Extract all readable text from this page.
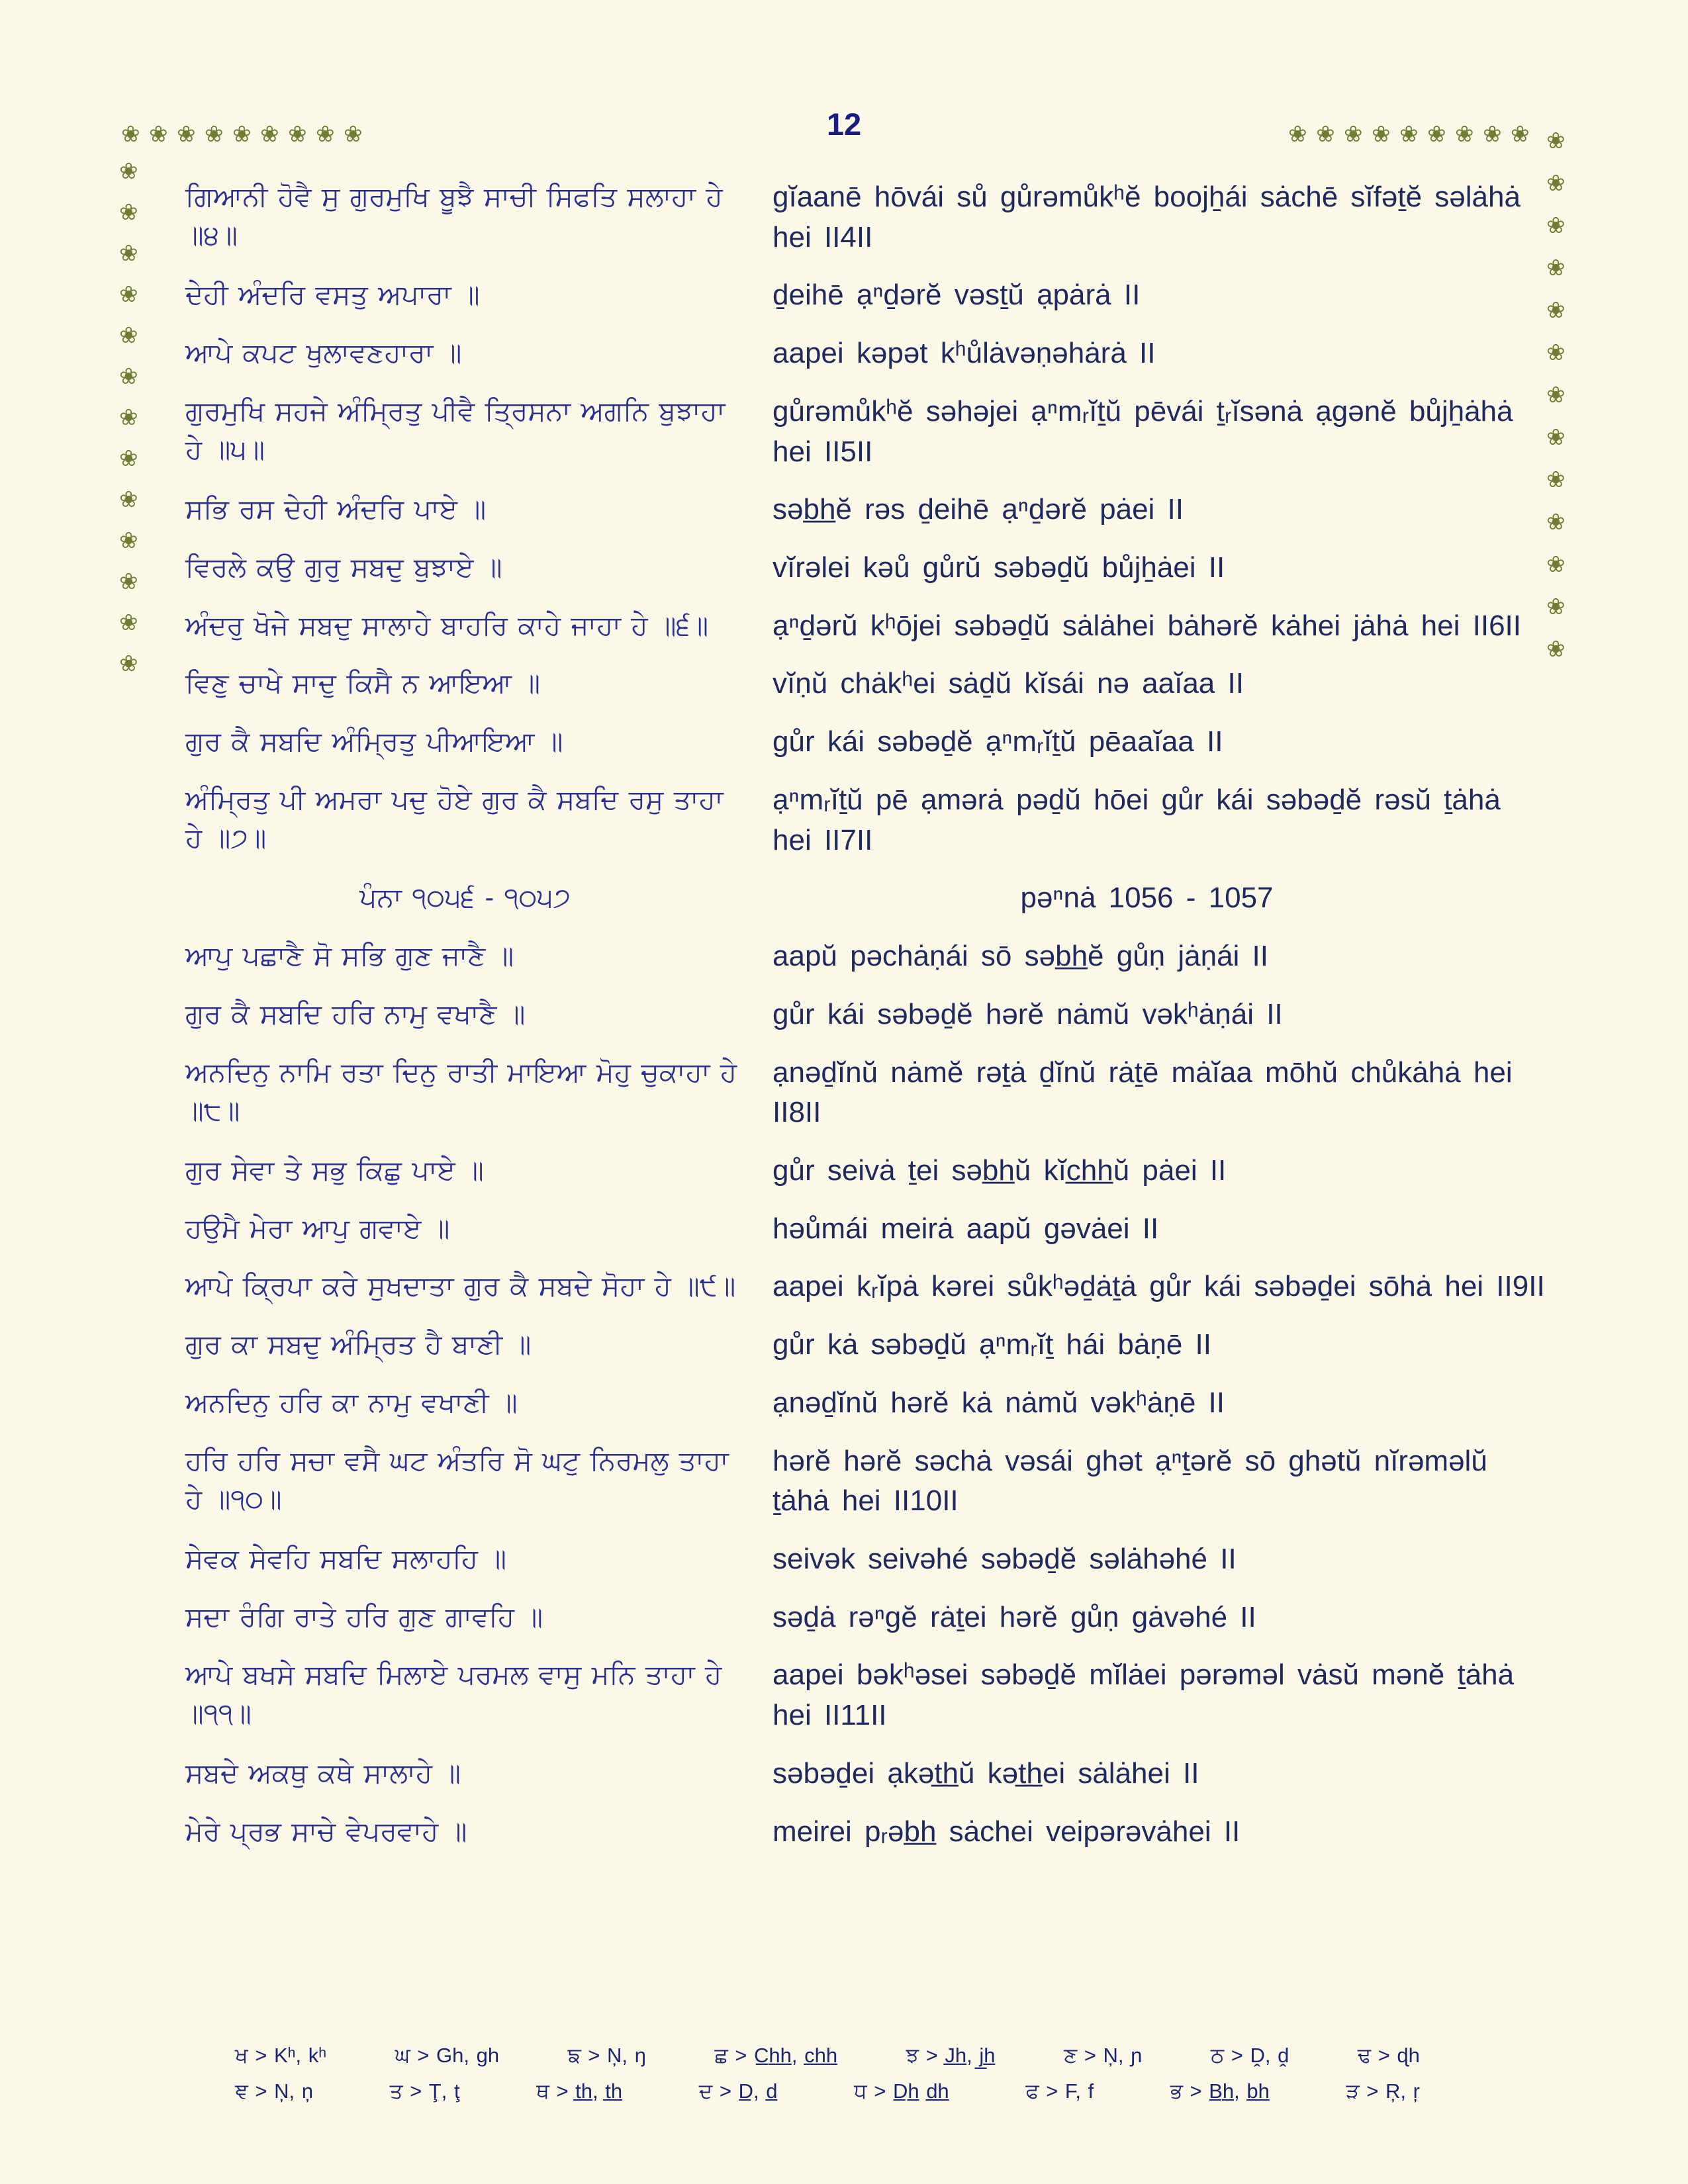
12
❀ ❀ ❀ ❀ ❀ ❀ ❀ ❀ ❀
❀
❀
❀
❀
❀
❀
❀
❀
❀
❀
❀
❀
❀
❀ ❀ ❀ ❀ ❀ ❀ ❀ ❀ ❀ ❀
❀
❀
❀
❀
❀
❀
❀
❀
❀
❀
❀
❀
ਗਿਆਨੀ ਹੋਵੈ ਸੁ ਗੁਰਮੁਖਿ ਬੂਝੈ ਸਾਚੀ ਸਿਫਤਿ ਸਲਾਹਾ ਹੇ ॥੪॥
gĭaanē hōvái sů gůrəmůkʰĕ boojẖái sȧchē sĭfəṯĕ səlȧhȧ hei II4II
ਦੇਹੀ ਅੰਦਰਿ ਵਸਤੁ ਅਪਾਰਾ ॥	ḏeihē ạⁿḏərĕ vəsṯŭ ạpȧrȧ II
ਆਪੇ ਕਪਟ ਖੁਲਾਵਣਹਾਰਾ ॥	aapei kəpət kʰůlȧvəṇəhȧrȧ II
ਗੁਰਮੁਖਿ ਸਹਜੇ ਅੰਮ੍ਰਿਤੁ ਪੀਵੈ ਤ੍ਰਿਸਨਾ ਅਗਨਿ ਬੁਝਾਹਾ ਹੇ ॥੫॥
gůrəmůkʰĕ səhəjei ạⁿmᵣĭṯŭ pēvái ṯᵣĭsənȧ ạgənĕ bůjẖȧhȧ hei II5II
ਸਭਿ ਰਸ ਦੇਹੀ ਅੰਦਰਿ ਪਾਏ ॥	səb̲h̲ĕ rəs ḏeihē ạⁿḏərĕ pȧei II
ਵਿਰਲੇ ਕਉ ਗੁਰੁ ਸਬਦੁ ਬੁਝਾਏ ॥	vĭrəlei kəů gůrŭ səbəḏŭ bůjẖȧei II
ਅੰਦਰੁ ਖੋਜੇ ਸਬਦੁ ਸਾਲਾਹੇ ਬਾਹਰਿ ਕਾਹੇ ਜਾਹਾ ਹੇ ॥੬॥	ạⁿḏərŭ kʰōjei səbəḏŭ sȧlȧhei bȧhərĕ kȧhei jȧhȧ hei II6II
ਵਿਣੁ ਚਾਖੇ ਸਾਦੁ ਕਿਸੈ ਨ ਆਇਆ ॥	vĭṇŭ chȧkʰei sȧḏŭ kĭsái nə aaĭaa II
ਗੁਰ ਕੈ ਸਬਦਿ ਅੰਮ੍ਰਿਤੁ ਪੀਆਇਆ ॥	gůr kái səbəḏĕ ạⁿmᵣĭṯŭ pēaaĭaa II
ਅੰਮ੍ਰਿਤੁ ਪੀ ਅਮਰਾ ਪਦੁ ਹੋਏ ਗੁਰ ਕੈ ਸਬਦਿ ਰਸੁ ਤਾਹਾ ਹੇ ॥੭॥
ạⁿmᵣĭṯŭ pē ạmərȧ pəḏŭ hōei gůr kái səbəḏĕ rəsŭ ṯȧhȧ hei II7II
ਪੰਨਾ ੧੦੫੬ - ੧੦੫੭	pəⁿnȧ 1056 - 1057
ਆਪੁ ਪਛਾਣੈ ਸੋ ਸਭਿ ਗੁਣ ਜਾਣੈ ॥	aapŭ pəchȧṇái sō səb̲h̲ĕ gůṇ jȧṇái II
ਗੁਰ ਕੈ ਸਬਦਿ ਹਰਿ ਨਾਮੁ ਵਖਾਣੈ ॥	gůr kái səbəḏĕ hərĕ nȧmŭ vəkʰȧṇái II
ਅਨਦਿਨੁ ਨਾਮਿ ਰਤਾ ਦਿਨੁ ਰਾਤੀ ਮਾਇਆ ਮੋਹੁ ਚੁਕਾਹਾ ਹੇ ॥੮॥
ạnəḏĭnŭ nȧmĕ rəṯȧ ḏĭnŭ rȧṯē mȧĭaa mōhŭ chůkȧhȧ hei II8II
ਗੁਰ ਸੇਵਾ ਤੇ ਸਭੁ ਕਿਛੁ ਪਾਏ ॥	gůr seivȧ ṯei səb̲h̲ŭ kĭc̲h̲h̲ŭ pȧei II
ਹਉਮੈ ਮੇਰਾ ਆਪੁ ਗਵਾਏ ॥	həůmái meirȧ aapŭ gəvȧei II
ਆਪੇ ਕ੍ਰਿਪਾ ਕਰੇ ਸੁਖਦਾਤਾ ਗੁਰ ਕੈ ਸਬਦੇ ਸੋਹਾ ਹੇ ॥੯॥	aapei kᵣĭpȧ kərei sůkʰəḏȧṯȧ gůr kái səbəḏei sōhȧ hei II9II
ਗੁਰ ਕਾ ਸਬਦੁ ਅੰਮ੍ਰਿਤ ਹੈ ਬਾਣੀ ॥	gůr kȧ səbəḏŭ ạⁿmᵣĭṯ hái bȧṇē II
ਅਨਦਿਨੁ ਹਰਿ ਕਾ ਨਾਮੁ ਵਖਾਣੀ ॥	ạnəḏĭnŭ hərĕ kȧ nȧmŭ vəkʰȧṇē II
ਹਰਿ ਹਰਿ ਸਚਾ ਵਸੈ ਘਟ ਅੰਤਰਿ ਸੋ ਘਟੁ ਨਿਰਮਲੁ ਤਾਹਾ ਹੇ ॥੧੦॥
hərĕ hərĕ səchȧ vəsái ghət ạⁿṯərĕ sō ghətŭ nĭrəməlŭ ṯȧhȧ hei II10II
ਸੇਵਕ ਸੇਵਹਿ ਸਬਦਿ ਸਲਾਹਹਿ ॥	seivək seivəhé səbəḏĕ səlȧhəhé II
ਸਦਾ ਰੰਗਿ ਰਾਤੇ ਹਰਿ ਗੁਣ ਗਾਵਹਿ ॥	səḏȧ rəⁿgĕ rȧṯei hərĕ gůṇ gȧvəhé II
ਆਪੇ ਬਖਸੇ ਸਬਦਿ ਮਿਲਾਏ ਪਰਮਲ ਵਾਸੁ ਮਨਿ ਤਾਹਾ ਹੇ ॥੧੧॥
aapei bəkʰəsei səbəḏĕ mĭlȧei pərəməl vȧsŭ mənĕ ṯȧhȧ hei II11II
ਸਬਦੇ ਅਕਥੁ ਕਥੇ ਸਾਲਾਹੇ ॥	səbəḏei ạkət̲h̲ŭ kət̲h̲ei sȧlȧhei II
ਮੇਰੇ ਪ੍ਰਭ ਸਾਚੇ ਵੇਪਰਵਾਹੇ ॥	meirei pᵣəb̲h̲ sȧchei veipərəvȧhei II
ਖ > Kʰ, kʰ	ਘ > Gh, gh	ਙ > Ņ, ŋ	ਛ > C̲h̲h̲, c̲h̲h̲	ਝ > J̲h̲, j̲h̲	ਣ > Ņ, ɲ	ਠ > Ḓ, ḓ	ਢ > ɖh
ਞ > Ņ, ņ	ਤ > Ţ, ţ	ਥ > t̲h̲, t̲h̲	ਦ > D̲, d̲	ਧ > D̲h̲ d̲h̲	ਫ > F, f	ਭ > B̲h̲, b̲h̲	ੜ > Ŗ, ŗ
